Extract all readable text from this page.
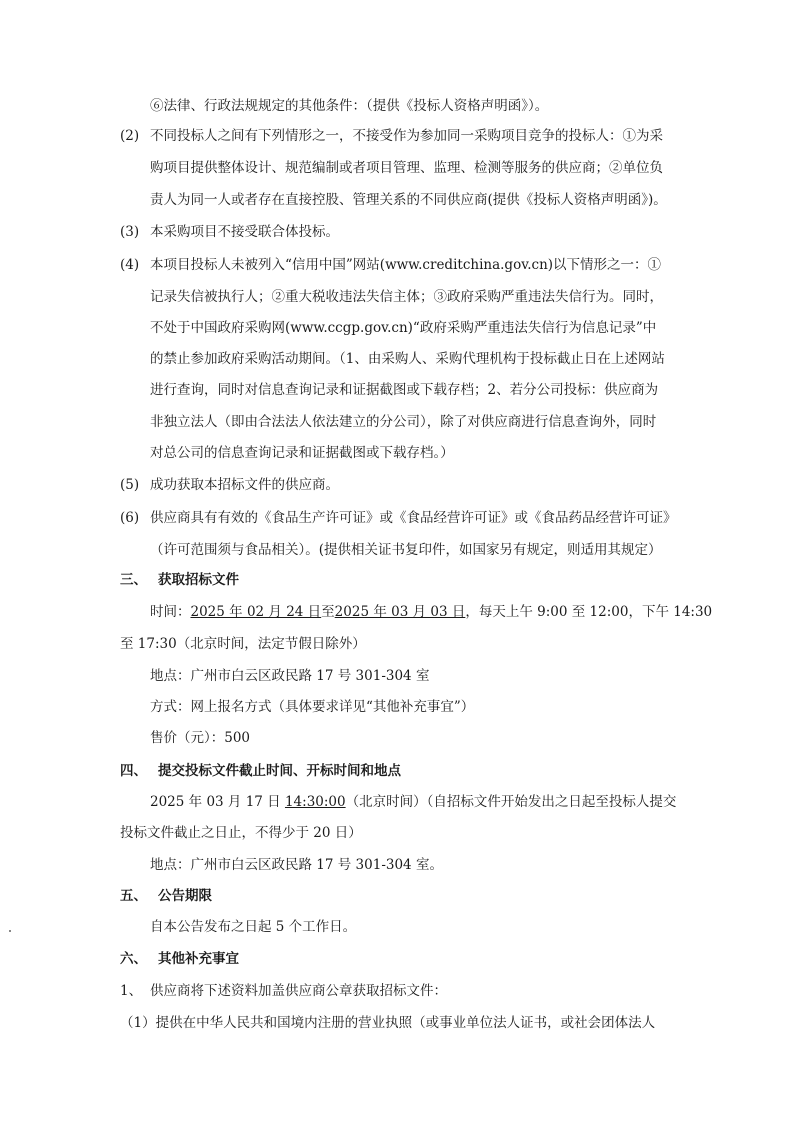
⑥法律、行政法规规定的其他条件：（提供《投标人资格声明函》）。
(2) 不同投标人之间有下列情形之一，不接受作为参加同一采购项目竞争的投标人：①为采
购项目提供整体设计、规范编制或者项目管理、监理、检测等服务的供应商；②单位负
责人为同一人或者存在直接控股、管理关系的不同供应商(提供《投标人资格声明函》)。
(3) 本采购项目不接受联合体投标。
(4) 本项目投标人未被列入“信用中国”网站(www.creditchina.gov.cn)以下情形之一：①
记录失信被执行人；②重大税收违法失信主体；③政府采购严重违法失信行为。同时，
不处于中国政府采购网(www.ccgp.gov.cn)“政府采购严重违法失信行为信息记录”中
的禁止参加政府采购活动期间。（1、由采购人、采购代理机构于投标截止日在上述网站
进行查询，同时对信息查询记录和证据截图或下载存档；2、若分公司投标：供应商为
非独立法人（即由合法法人依法建立的分公司），除了对供应商进行信息查询外，同时
对总公司的信息查询记录和证据截图或下载存档。）
(5) 成功获取本招标文件的供应商。
(6) 供应商具有有效的《食品生产许可证》或《食品经营许可证》或《食品药品经营许可证》
（许可范围须与食品相关）。(提供相关证书复印件，如国家另有规定，则适用其规定）
三、 获取招标文件
时间：2025 年 02 月 24 日至2025 年 03 月 03 日，每天上午 9:00 至 12:00，下午 14:30
至 17:30（北京时间，法定节假日除外）
地点：广州市白云区政民路 17 号 301-304 室
方式：网上报名方式（具体要求详见“其他补充事宜”）
售价（元）：500
四、 提交投标文件截止时间、开标时间和地点
2025 年 03 月 17 日 14:30:00（北京时间）（自招标文件开始发出之日起至投标人提交
投标文件截止之日止，不得少于 20 日）
地点：广州市白云区政民路 17 号 301-304 室。
五、 公告期限
自本公告发布之日起 5 个工作日。
六、 其他补充事宜
1、 供应商将下述资料加盖供应商公章获取招标文件：
（1）提供在中华人民共和国境内注册的营业执照（或事业单位法人证书，或社会团体法人
